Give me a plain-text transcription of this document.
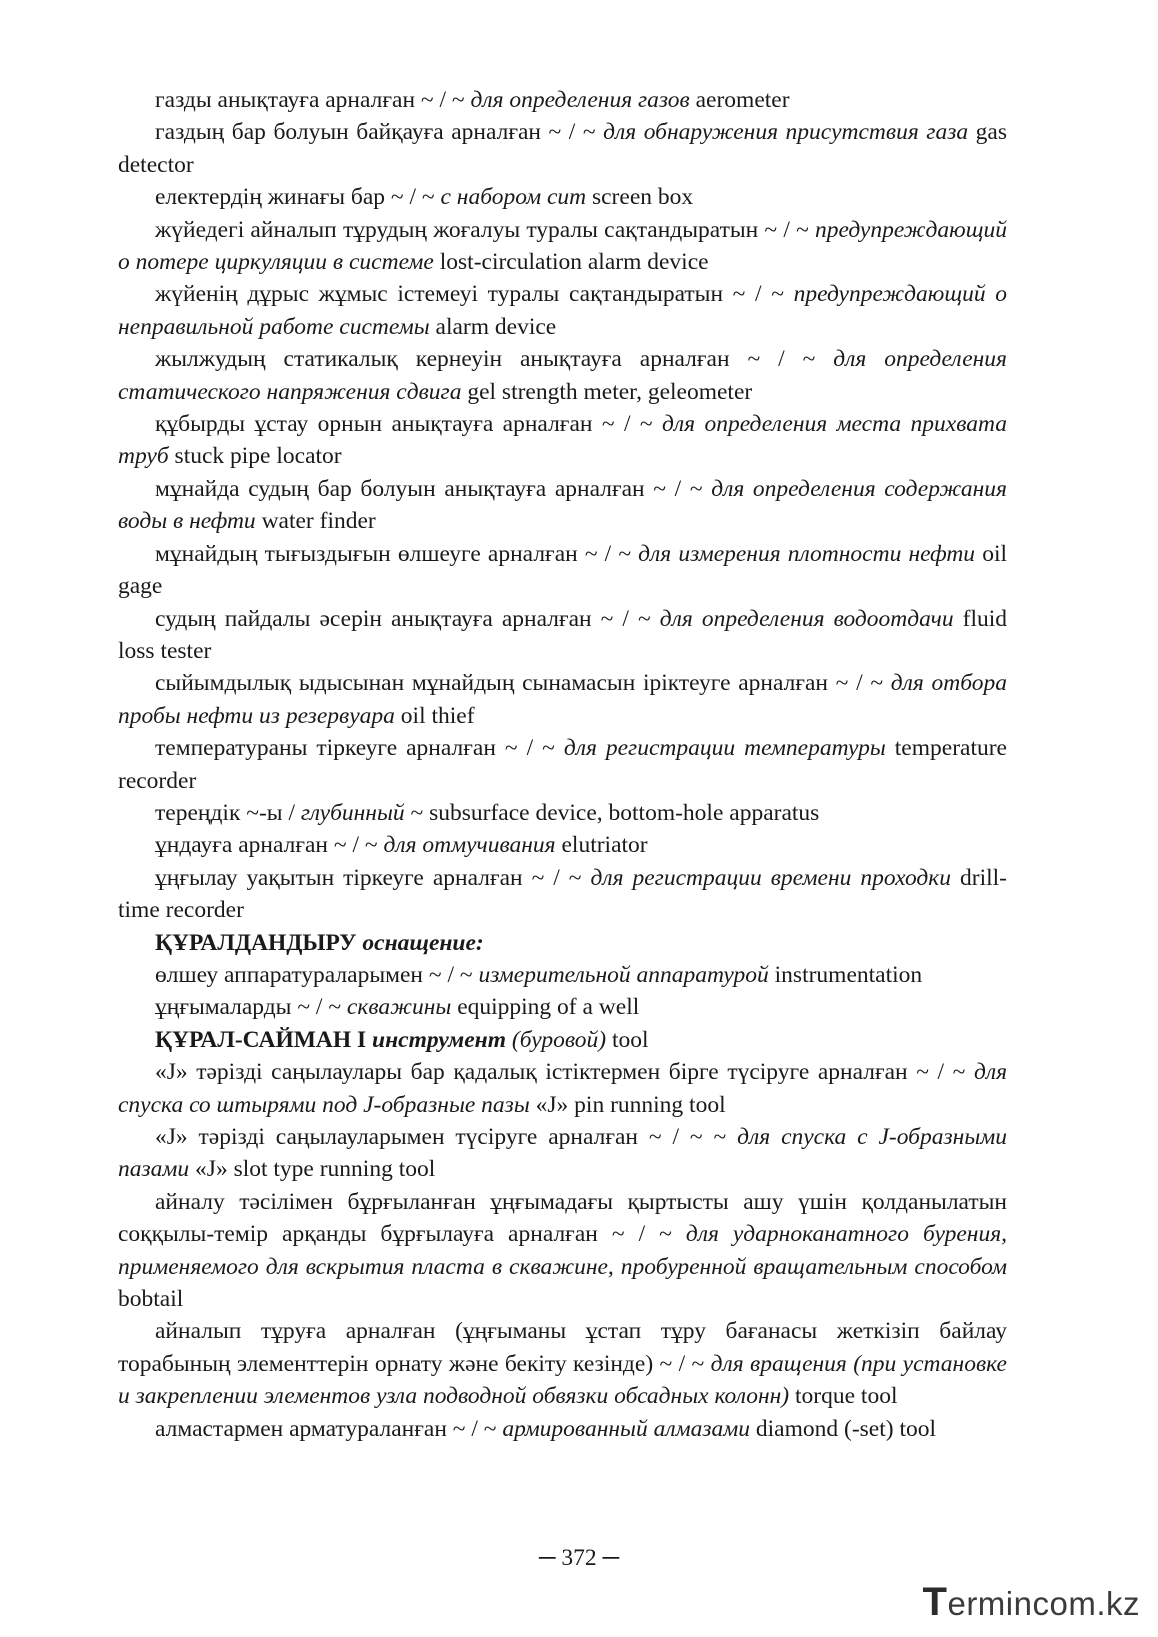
газды анықтауға арналған ~ / ~ для определения газов aerometer

газдың бар болуын байқауға арналған ~ / ~ для обнаружения присутствия газа gas detector

електердің жинағы бар ~ / ~ с набором сит screen box

жүйедегі айналып тұрудың жоғалуы туралы сақтандыратын ~ / ~ предупреждающий о потере циркуляции в системе lost-circulation alarm device

жүйенің дұрыс жұмыс істемеуі туралы сақтандыратын ~ / ~ предупреждающий о неправильной работе системы alarm device

жылжудың статикалық кернеуін анықтауға арналған ~ / ~ для определения статического напряжения сдвига gel strength meter, geleometer

құбырды ұстау орнын анықтауға арналған ~ / ~ для определения места прихвата труб stuck pipe locator

мұнайда судың бар болуын анықтауға арналған ~ / ~ для определения содержания воды в нефти water finder

мұнайдың тығыздығын өлшеуге арналған ~ / ~ для измерения плотности нефти oil gage

судың пайдалы әсерін анықтауға арналған ~ / ~ для определения водоотдачи fluid loss tester

сыйымдылық ыдысынан мұнайдың сынамасын іріктеуге арналған ~ / ~ для отбора пробы нефти из резервуара oil thief

температураны тіркеуге арналған ~ / ~ для регистрации температуры temperature recorder

тереңдік ~-ы / глубинный ~ subsurface device, bottom-hole apparatus

ұндауға арналған ~ / ~ для отмучивания elutriator

ұңғылау уақытын тіркеуге арналған ~ / ~ для регистрации времени проходки drill-time recorder

ҚҰРАЛДАНДЫРУ оснащение:

өлшеу аппаратураларымен ~ / ~ измерительной аппаратурой instrumentation

ұңғымаларды ~ / ~ скважины equipping of a well

ҚҰРАЛ-САЙМАН I инструмент (буровой) tool

«J» тәрізді саңылаулары бар қадалық істіктермен бірге түсіруге арналған ~ / ~ для спуска со штырями под J-образные пазы «J» pin running tool

«J» тәрізді саңылауларымен түсіруге арналған ~ / ~ ~ для спуска с J-образными пазами «J» slot type running tool

айналу тәсілімен бұрғыланған ұңғымадағы қыртысты ашу үшін қолданылатын соққылы-темір арқанды бұрғылауға арналған ~ / ~ для ударноканатного бурения, применяемого для вскрытия пласта в скважине, пробуренной вращательным способом bobtail

айналып тұруға арналған (ұңғыманы ұстап тұру бағанасы жеткізіп байлау торабының элементтерін орнату және бекіту кезінде) ~ / ~ для вращения (при установке и закреплении элементов узла подводной обвязки обсадных колонн) torque tool

алмастармен арматураланған ~ / ~ армированный алмазами diamond (-set) tool

─ 372 ─
Termincom.kz
